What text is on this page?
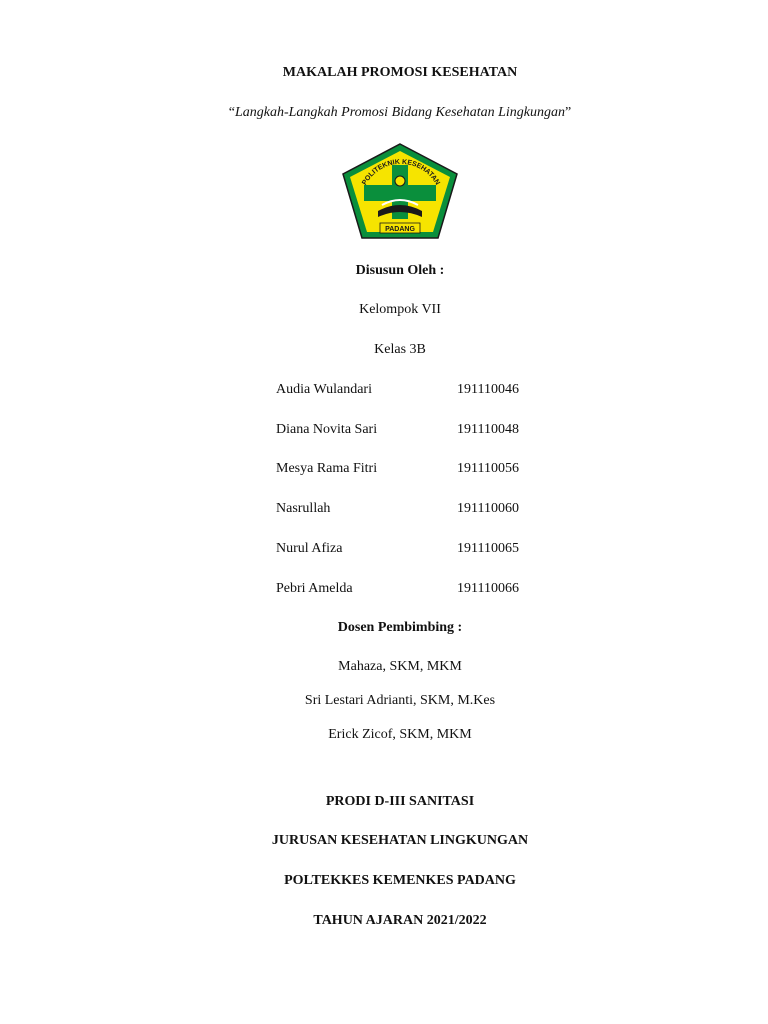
MAKALAH PROMOSI KESEHATAN
“Langkah-Langkah Promosi Bidang Kesehatan Lingkungan”
POLITEKNIK KESEHATAN
PADANG
Disusun Oleh :
Kelompok VII
Kelas 3B
Audia Wulandari	191110046
Diana Novita Sari	191110048
Mesya Rama Fitri	191110056
Nasrullah	191110060
Nurul Afiza	191110065
Pebri Amelda	191110066
Dosen Pembimbing :
Mahaza, SKM, MKM
Sri Lestari Adrianti, SKM, M.Kes
Erick Zicof, SKM, MKM
PRODI D-III SANITASI
JURUSAN KESEHATAN LINGKUNGAN
POLTEKKES KEMENKES PADANG
TAHUN AJARAN 2021/2022
